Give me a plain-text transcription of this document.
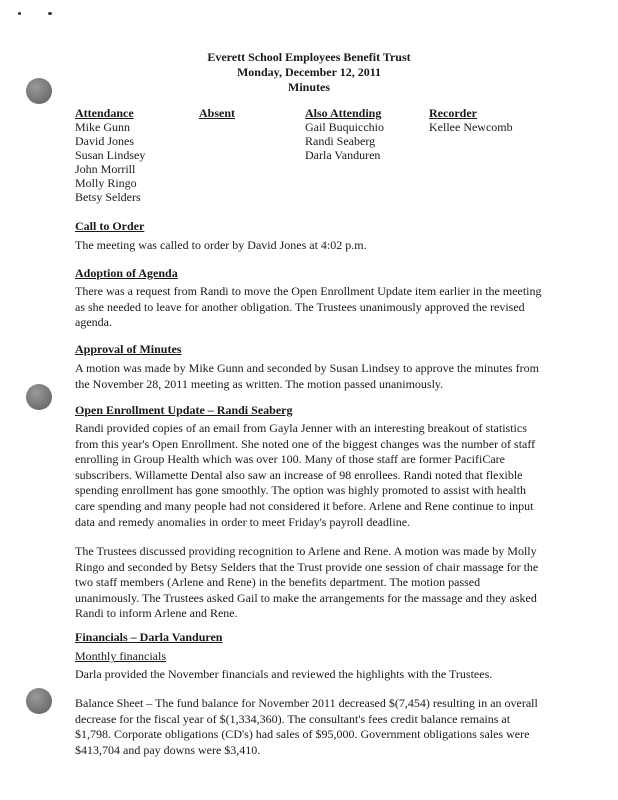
Everett School Employees Benefit Trust
Monday, December 12, 2011
Minutes
Attendance
Mike Gunn
David Jones
Susan Lindsey
John Morrill
Molly Ringo
Betsy Selders
Absent	Also Attending
Gail Buquicchio
Randi Seaberg
Darla Vanduren
Recorder
Kellee Newcomb
Call to Order

The meeting was called to order by David Jones at 4:02 p.m.

Adoption of Agenda

There was a request from Randi to move the Open Enrollment Update item earlier in the meeting as she needed to leave for another obligation. The Trustees unanimously approved the revised agenda.

Approval of Minutes

A motion was made by Mike Gunn and seconded by Susan Lindsey to approve the minutes from the November 28, 2011 meeting as written. The motion passed unanimously.

Open Enrollment Update – Randi Seaberg

Randi provided copies of an email from Gayla Jenner with an interesting breakout of statistics from this year's Open Enrollment. She noted one of the biggest changes was the number of staff enrolling in Group Health which was over 100. Many of those staff are former PacifiCare subscribers. Willamette Dental also saw an increase of 98 enrollees. Randi noted that flexible spending enrollment has gone smoothly. The option was highly promoted to assist with health care spending and many people had not considered it before. Arlene and Rene continue to input data and remedy anomalies in order to meet Friday's payroll deadline.

The Trustees discussed providing recognition to Arlene and Rene. A motion was made by Molly Ringo and seconded by Betsy Selders that the Trust provide one session of chair massage for the two staff members (Arlene and Rene) in the benefits department. The motion passed unanimously. The Trustees asked Gail to make the arrangements for the massage and they asked Randi to inform Arlene and Rene.

Financials – Darla Vanduren
Monthly financials

Darla provided the November financials and reviewed the highlights with the Trustees.

Balance Sheet – The fund balance for November 2011 decreased $(7,454) resulting in an overall decrease for the fiscal year of $(1,334,360). The consultant's fees credit balance remains at $1,798. Corporate obligations (CD's) had sales of $95,000. Government obligations sales were $413,704 and pay downs were $3,410.
